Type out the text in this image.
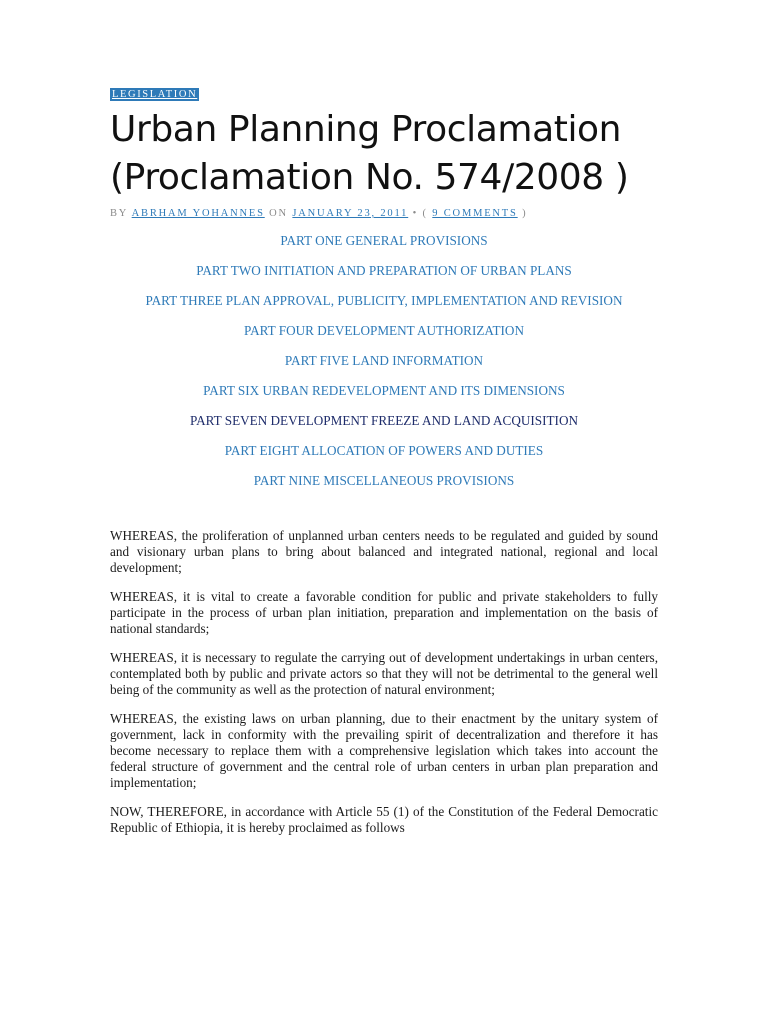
LEGISLATION
Urban Planning Proclamation
(Proclamation No. 574/2008 )
BY ABRHAM YOHANNES ON JANUARY 23, 2011 • ( 9 COMMENTS )
PART ONE GENERAL PROVISIONS
PART TWO INITIATION AND PREPARATION OF URBAN PLANS
PART THREE PLAN APPROVAL, PUBLICITY, IMPLEMENTATION AND REVISION
PART FOUR DEVELOPMENT AUTHORIZATION
PART FIVE LAND INFORMATION
PART SIX URBAN REDEVELOPMENT AND ITS DIMENSIONS
PART SEVEN DEVELOPMENT FREEZE AND LAND ACQUISITION
PART EIGHT ALLOCATION OF POWERS AND DUTIES
PART NINE MISCELLANEOUS PROVISIONS

WHEREAS, the proliferation of unplanned urban centers needs to be regulated and guided by sound and visionary urban plans to bring about balanced and integrated national, regional and local development;

WHEREAS, it is vital to create a favorable condition for public and private stakeholders to fully participate in the process of urban plan initiation, preparation and implementation on the basis of national standards;

WHEREAS, it is necessary to regulate the carrying out of development undertakings in urban centers, contemplated both by public and private actors so that they will not be detrimental to the general well being of the community as well as the protection of natural environment;

WHEREAS, the existing laws on urban planning, due to their enactment by the unitary system of government, lack in conformity with the prevailing spirit of decentralization and therefore it has become necessary to replace them with a comprehensive legislation which takes into account the federal structure of government and the central role of urban centers in urban plan preparation and implementation;

NOW, THEREFORE, in accordance with Article 55 (1) of the Constitution of the Federal Democratic Republic of Ethiopia, it is hereby proclaimed as follows
